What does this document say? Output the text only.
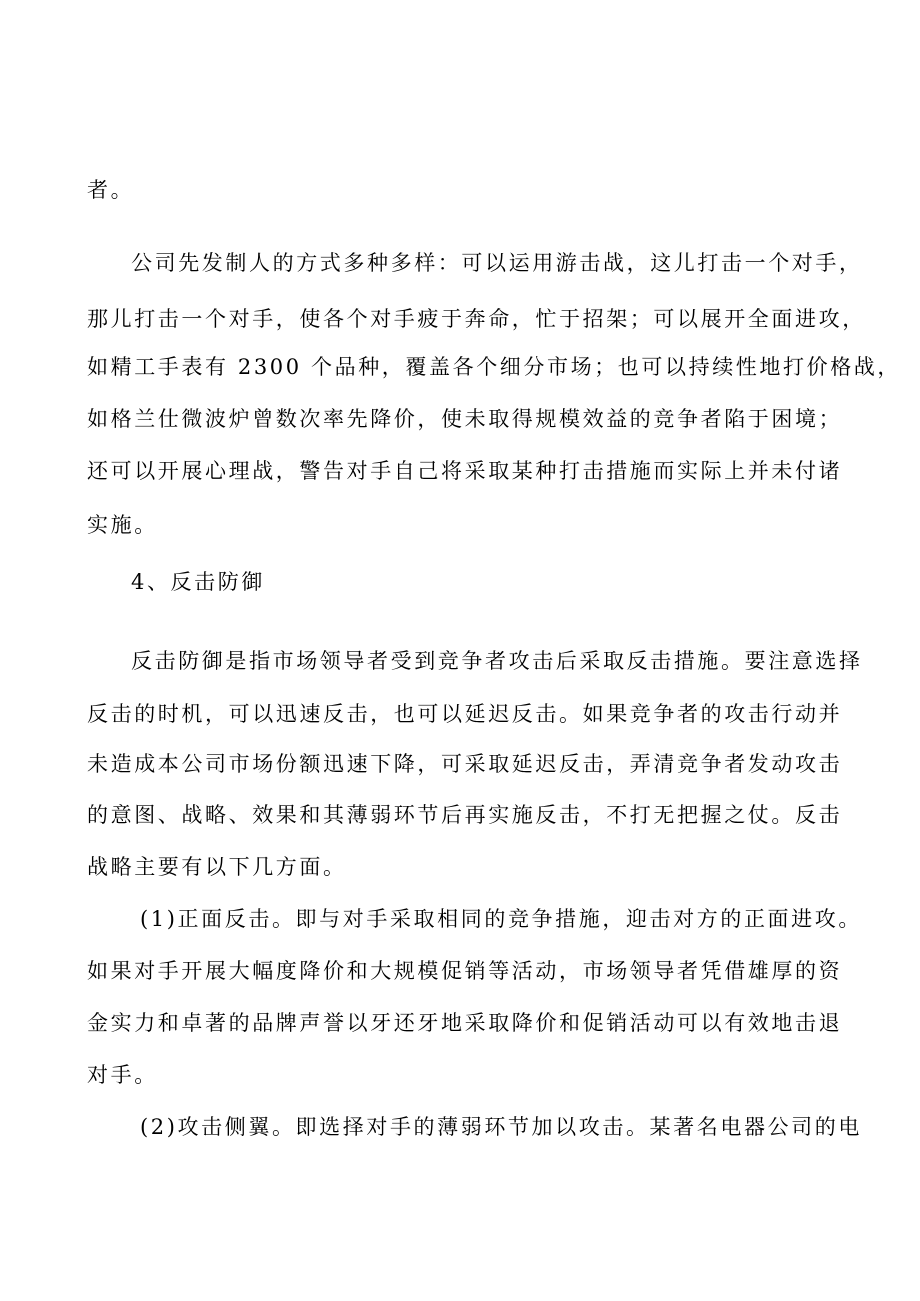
者。
公司先发制人的方式多种多样：可以运用游击战，这儿打击一个对手，
那儿打击一个对手，使各个对手疲于奔命，忙于招架；可以展开全面进攻，
如精工手表有 2300 个品种，覆盖各个细分市场；也可以持续性地打价格战，
如格兰仕微波炉曾数次率先降价，使未取得规模效益的竞争者陷于困境；
还可以开展心理战，警告对手自己将采取某种打击措施而实际上并未付诸
实施。
4、反击防御
反击防御是指市场领导者受到竞争者攻击后采取反击措施。要注意选择
反击的时机，可以迅速反击，也可以延迟反击。如果竞争者的攻击行动并
未造成本公司市场份额迅速下降，可采取延迟反击，弄清竞争者发动攻击
的意图、战略、效果和其薄弱环节后再实施反击，不打无把握之仗。反击
战略主要有以下几方面。
(1)正面反击。即与对手采取相同的竞争措施，迎击对方的正面进攻。
如果对手开展大幅度降价和大规模促销等活动，市场领导者凭借雄厚的资
金实力和卓著的品牌声誉以牙还牙地采取降价和促销活动可以有效地击退
对手。
(2)攻击侧翼。即选择对手的薄弱环节加以攻击。某著名电器公司的电
